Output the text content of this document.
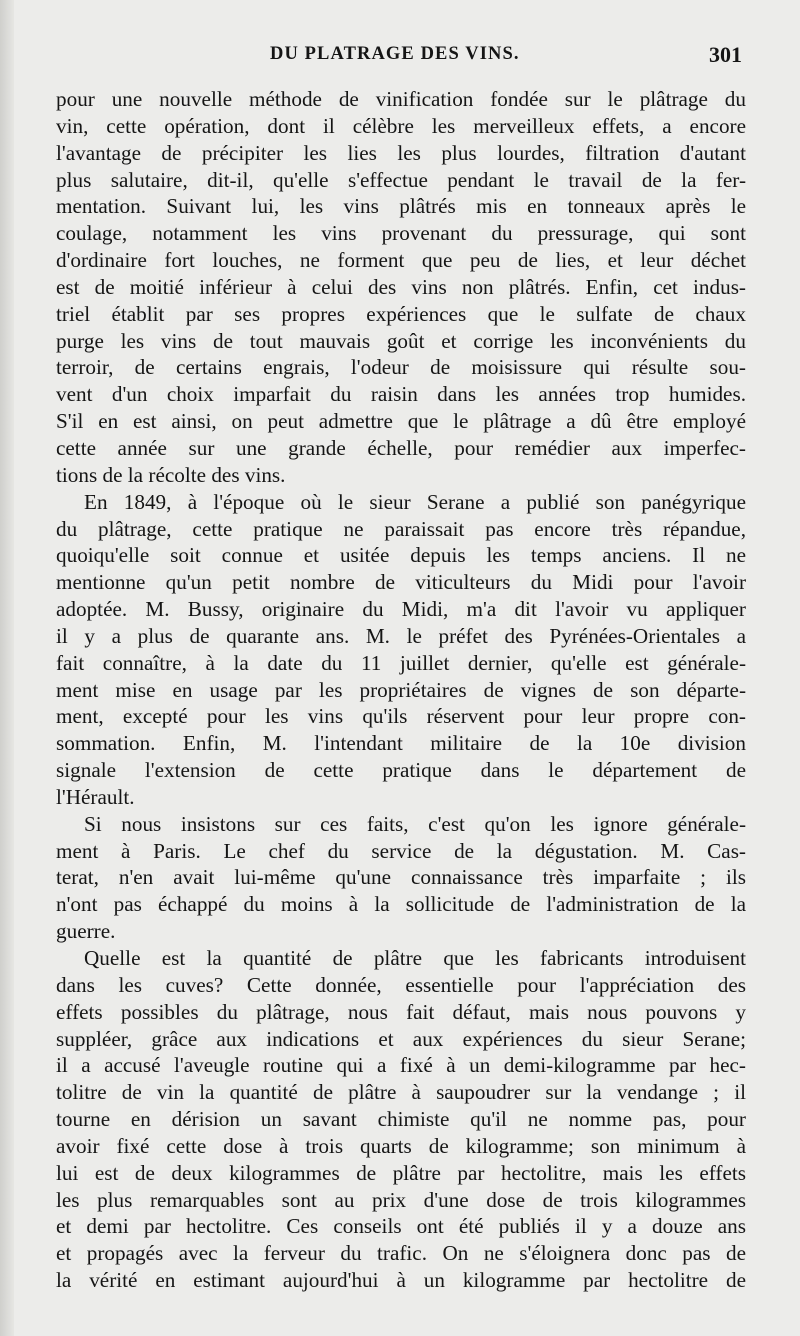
DU PLATRAGE DES VINS.	301
pour une nouvelle méthode de vinification fondée sur le plâtrage du
vin, cette opération, dont il célèbre les merveilleux effets, a encore
l'avantage de précipiter les lies les plus lourdes, filtration d'autant
plus salutaire, dit-il, qu'elle s'effectue pendant le travail de la fer-
mentation. Suivant lui, les vins plâtrés mis en tonneaux après le
coulage, notamment les vins provenant du pressurage, qui sont
d'ordinaire fort louches, ne forment que peu de lies, et leur déchet
est de moitié inférieur à celui des vins non plâtrés. Enfin, cet indus-
triel établit par ses propres expériences que le sulfate de chaux
purge les vins de tout mauvais goût et corrige les inconvénients du
terroir, de certains engrais, l'odeur de moisissure qui résulte sou-
vent d'un choix imparfait du raisin dans les années trop humides.
S'il en est ainsi, on peut admettre que le plâtrage a dû être employé
cette année sur une grande échelle, pour remédier aux imperfec-
tions de la récolte des vins.
En 1849, à l'époque où le sieur Serane a publié son panégyrique
du plâtrage, cette pratique ne paraissait pas encore très répandue,
quoiqu'elle soit connue et usitée depuis les temps anciens. Il ne
mentionne qu'un petit nombre de viticulteurs du Midi pour l'avoir
adoptée. M. Bussy, originaire du Midi, m'a dit l'avoir vu appliquer
il y a plus de quarante ans. M. le préfet des Pyrénées-Orientales a
fait connaître, à la date du 11 juillet dernier, qu'elle est générale-
ment mise en usage par les propriétaires de vignes de son départe-
ment, excepté pour les vins qu'ils réservent pour leur propre con-
sommation. Enfin, M. l'intendant militaire de la 10e division
signale l'extension de cette pratique dans le département de
l'Hérault.
Si nous insistons sur ces faits, c'est qu'on les ignore générale-
ment à Paris. Le chef du service de la dégustation. M. Cas-
terat, n'en avait lui-même qu'une connaissance très imparfaite ; ils
n'ont pas échappé du moins à la sollicitude de l'administration de la
guerre.
Quelle est la quantité de plâtre que les fabricants introduisent
dans les cuves? Cette donnée, essentielle pour l'appréciation des
effets possibles du plâtrage, nous fait défaut, mais nous pouvons y
suppléer, grâce aux indications et aux expériences du sieur Serane;
il a accusé l'aveugle routine qui a fixé à un demi-kilogramme par hec-
tolitre de vin la quantité de plâtre à saupoudrer sur la vendange ; il
tourne en dérision un savant chimiste qu'il ne nomme pas, pour
avoir fixé cette dose à trois quarts de kilogramme; son minimum à
lui est de deux kilogrammes de plâtre par hectolitre, mais les effets
les plus remarquables sont au prix d'une dose de trois kilogrammes
et demi par hectolitre. Ces conseils ont été publiés il y a douze ans
et propagés avec la ferveur du trafic. On ne s'éloignera donc pas de
la vérité en estimant aujourd'hui à un kilogramme par hectolitre de
